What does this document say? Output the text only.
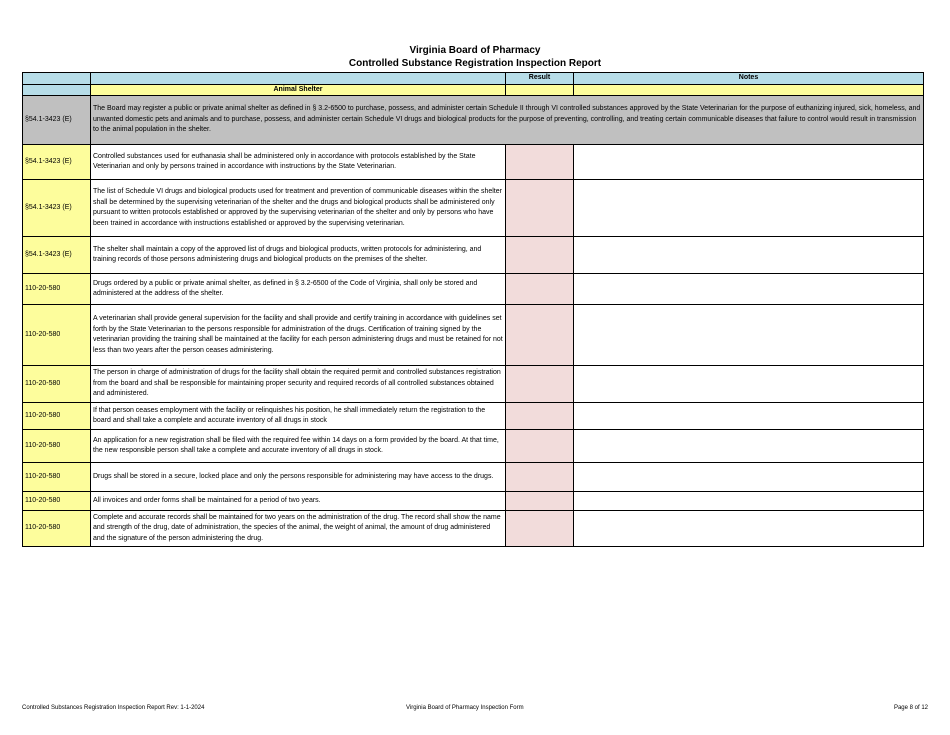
Virginia Board of Pharmacy
Controlled Substance Registration Inspection Report
		Result	Notes
	Animal Shelter		
§54.1-3423 (E)	The Board may register a public or private animal shelter as defined in § 3.2-6500 to purchase, possess, and administer certain Schedule II through VI controlled substances approved by the State Veterinarian for the purpose of euthanizing injured, sick, homeless, and unwanted domestic pets and animals and to purchase, possess, and administer certain Schedule VI drugs and biological products for the purpose of preventing, controlling, and treating certain communicable diseases that failure to control would result in transmission to the animal population in the shelter.		
§54.1-3423 (E)	Controlled substances used for euthanasia shall be administered only in accordance with protocols established by the State Veterinarian and only by persons trained in accordance with instructions by the State Veterinarian.		
§54.1-3423 (E)	The list of Schedule VI drugs and biological products used for treatment and prevention of communicable diseases within the shelter shall be determined by the supervising veterinarian of the shelter and the drugs and biological products shall be administered only pursuant to written protocols established or approved by the supervising veterinarian of the shelter and only by persons who have been trained in accordance with instructions established or approved by the supervising veterinarian.		
§54.1-3423 (E)	The shelter shall maintain a copy of the approved list of drugs and biological products, written protocols for administering, and training records of those persons administering drugs and biological products on the premises of the shelter.		
110-20-580	Drugs ordered by a public or private animal shelter, as defined in § 3.2-6500 of the Code of Virginia, shall only be stored and administered at the address of the shelter.		
110-20-580	A veterinarian shall provide general supervision for the facility and shall provide and certify training in accordance with guidelines set forth by the State Veterinarian to the persons responsible for administration of the drugs. Certification of training signed by the veterinarian providing the training shall be maintained at the facility for each person administering drugs and must be retained for not less than two years after the person ceases administering.		
110-20-580	The person in charge of administration of drugs for the facility shall obtain the required permit and controlled substances registration from the board and shall be responsible for maintaining proper security and required records of all controlled substances obtained and administered.		
110-20-580	If that person ceases employment with the facility or relinquishes his position, he shall immediately return the registration to the board and shall take a complete and accurate inventory of all drugs in stock		
110-20-580	An application for a new registration shall be filed with the required fee within 14 days on a form provided by the board. At that time, the new responsible person shall take a complete and accurate inventory of all drugs in stock.		
110-20-580	Drugs shall be stored in a secure, locked place and only the persons responsible for administering may have access to the drugs.		
110-20-580	All invoices and order forms shall be maintained for a period of two years.		
110-20-580	Complete and accurate records shall be maintained for two years on the administration of the drug. The record shall show the name and strength of the drug, date of administration, the species of the animal, the weight of animal, the amount of drug administered and the signature of the person administering the drug.		
Controlled Substances Registration Inspection Report Rev: 1-1-2024	Virginia Board of Pharmacy Inspection Form	Page 8 of 12
